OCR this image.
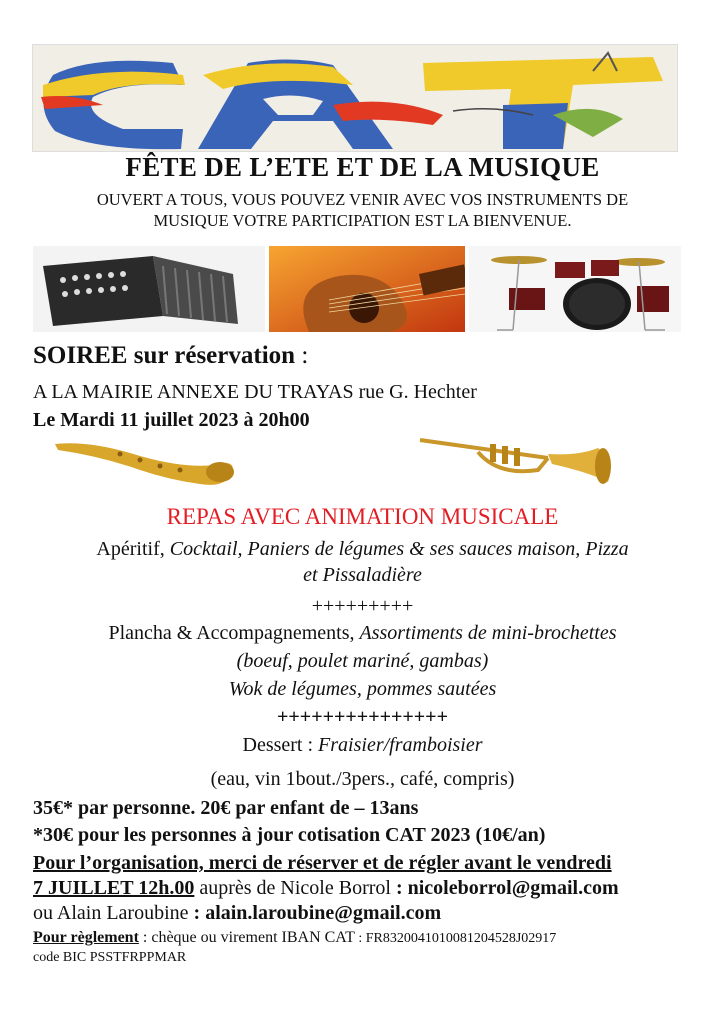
FÊTE DE L’ETE ET DE LA MUSIQUE
OUVERT A TOUS, VOUS POUVEZ VENIR AVEC VOS INSTRUMENTS DE
MUSIQUE VOTRE PARTICIPATION EST LA BIENVENUE.
SOIREE sur réservation :
A LA MAIRIE ANNEXE DU TRAYAS rue G. Hechter
Le Mardi 11 juillet 2023 à 20h00
REPAS AVEC ANIMATION MUSICALE
Apéritif, Cocktail, Paniers de légumes & ses sauces maison, Pizza
et Pissaladière
+++++++++
Plancha & Accompagnements, Assortiments de mini-brochettes
(boeuf, poulet mariné, gambas)
Wok de légumes, pommes sautées
+++++++++++++++
Dessert : Fraisier/framboisier
(eau, vin 1bout./3pers., café, compris)
35€* par personne. 20€ par enfant de – 13ans
*30€ pour les personnes à jour cotisation CAT 2023 (10€/an)
Pour l’organisation, merci de réserver et de régler avant le vendredi
7 JUILLET 12h.00 auprès de Nicole Borrol : nicoleborrol@gmail.com
ou Alain Laroubine : alain.laroubine@gmail.com
Pour règlement : chèque ou virement IBAN CAT : FR8320041010081204528J02917
code BIC PSSTFRPPMAR
